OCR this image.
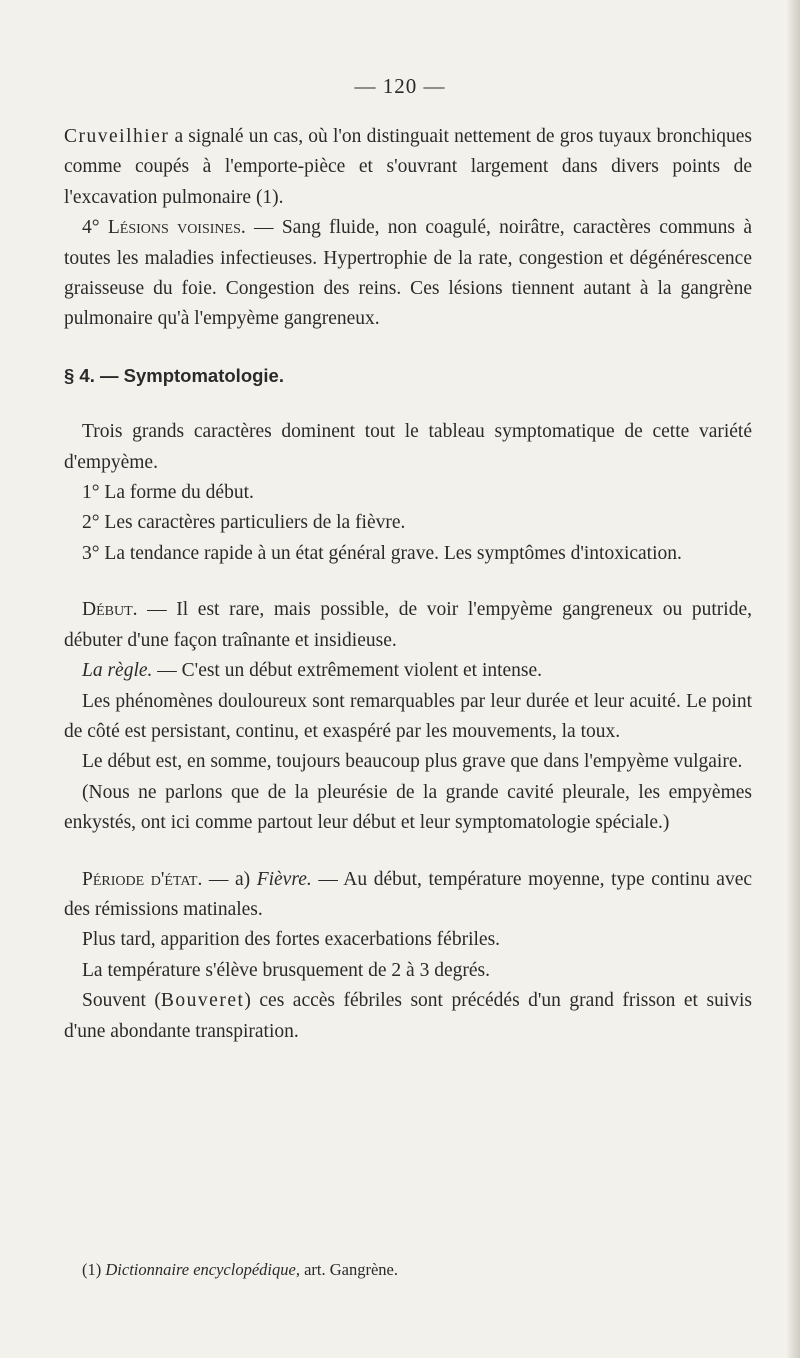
— 120 —

Cruveilhier a signalé un cas, où l'on distinguait nettement de gros tuyaux bronchiques comme coupés à l'emporte-pièce et s'ouvrant largement dans divers points de l'excavation pulmonaire (1).

4° Lésions voisines. — Sang fluide, non coagulé, noirâtre, caractères communs à toutes les maladies infectieuses. Hypertrophie de la rate, congestion et dégénérescence graisseuse du foie. Congestion des reins. Ces lésions tiennent autant à la gangrène pulmonaire qu'à l'empyème gangreneux.

§ 4. — Symptomatologie.

Trois grands caractères dominent tout le tableau symptomatique de cette variété d'empyème.

1° La forme du début.

2° Les caractères particuliers de la fièvre.

3° La tendance rapide à un état général grave. Les symptômes d'intoxication.

Début. — Il est rare, mais possible, de voir l'empyème gangreneux ou putride, débuter d'une façon traînante et insidieuse.

La règle. — C'est un début extrêmement violent et intense.

Les phénomènes douloureux sont remarquables par leur durée et leur acuité. Le point de côté est persistant, continu, et exaspéré par les mouvements, la toux.

Le début est, en somme, toujours beaucoup plus grave que dans l'empyème vulgaire.

(Nous ne parlons que de la pleurésie de la grande cavité pleurale, les empyèmes enkystés, ont ici comme partout leur début et leur symptomatologie spéciale.)

Période d'état. — a) Fièvre. — Au début, température moyenne, type continu avec des rémissions matinales.

Plus tard, apparition des fortes exacerbations fébriles.

La température s'élève brusquement de 2 à 3 degrés.

Souvent (Bouveret) ces accès fébriles sont précédés d'un grand frisson et suivis d'une abondante transpiration.

(1) Dictionnaire encyclopédique, art. Gangrène.
